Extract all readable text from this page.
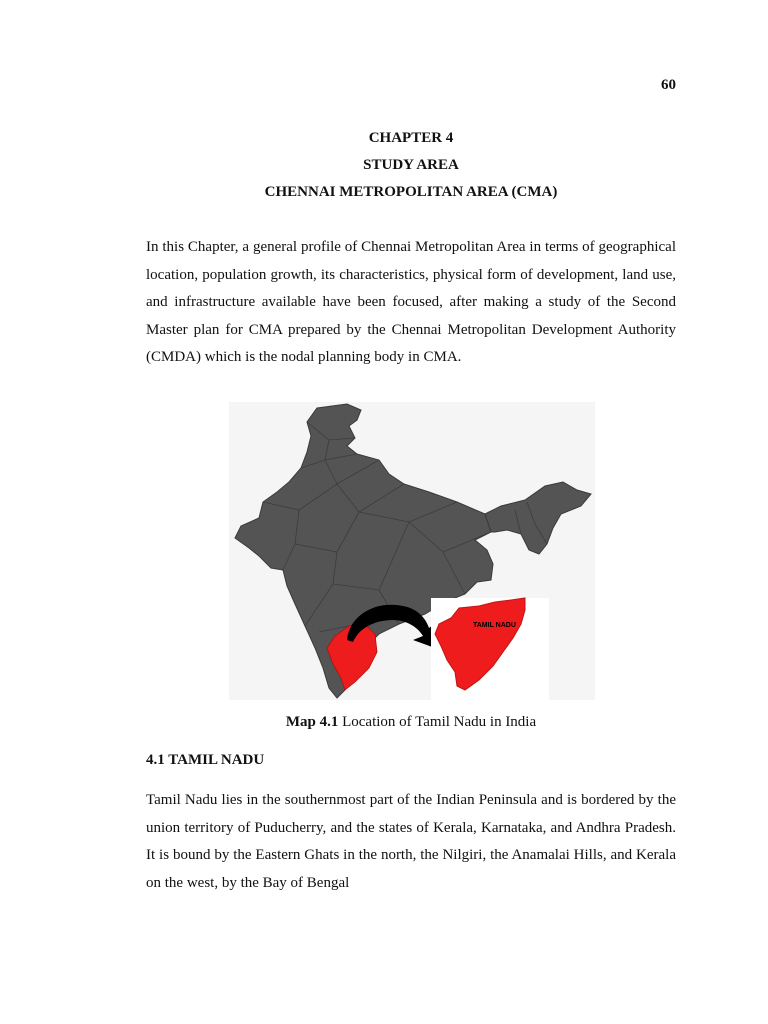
60
CHAPTER 4
STUDY AREA
CHENNAI METROPOLITAN AREA (CMA)
In this Chapter, a general profile of Chennai Metropolitan Area in terms of geographical location, population growth, its characteristics, physical form of development, land use, and infrastructure available have been focused, after making a study of the Second Master plan for CMA prepared by the Chennai Metropolitan Development Authority (CMDA) which is the nodal planning body in CMA.
TAMIL NADU
Map 4.1 Location of Tamil Nadu in India
4.1 TAMIL NADU
Tamil Nadu lies in the southernmost part of the Indian Peninsula and is bordered by the union territory of Puducherry, and the states of Kerala, Karnataka, and Andhra Pradesh. It is bound by the Eastern Ghats in the north, the Nilgiri, the Anamalai Hills, and Kerala on the west, by the Bay of Bengal
